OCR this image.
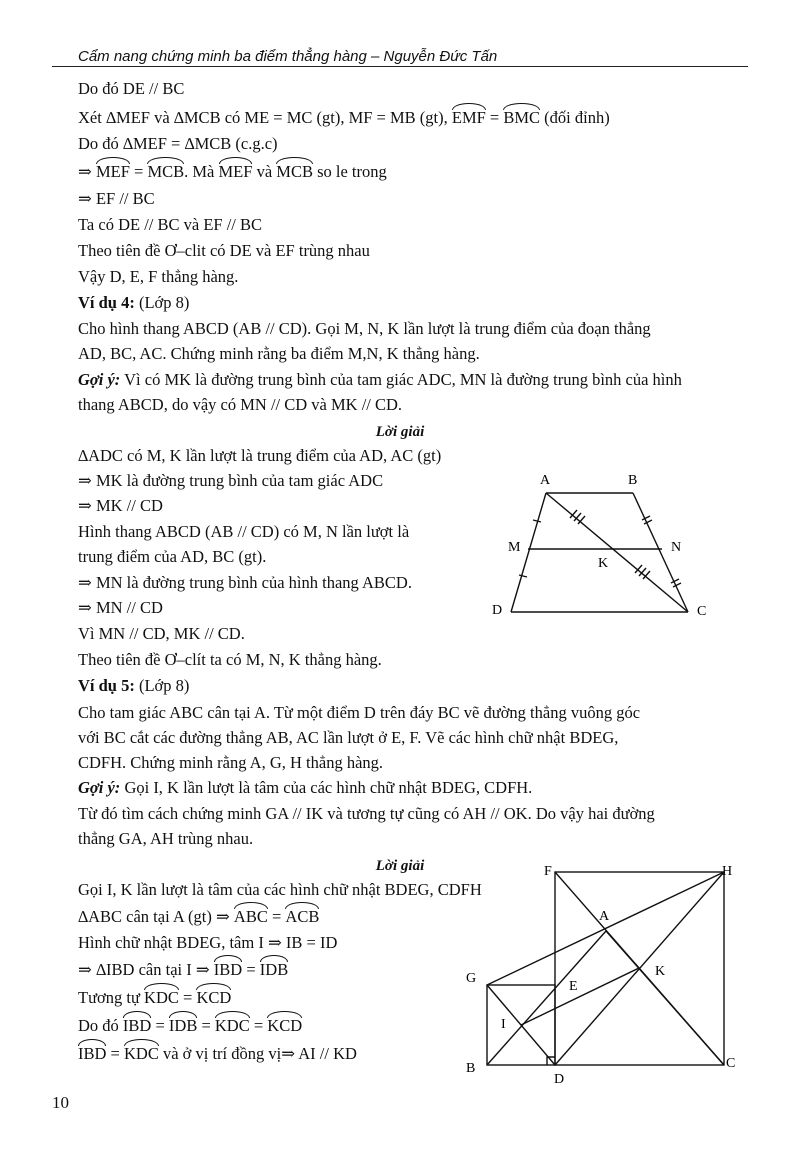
Cẩm nang chứng minh ba điểm thẳng hàng – Nguyễn Đức Tấn
Do đó DE // BC
Xét ∆MEF và ∆MCB có ME = MC (gt), MF = MB (gt), EMF = BMC (đối đỉnh)
Do đó ∆MEF = ∆MCB (c.g.c)
⇒ MEF = MCB. Mà MEF và MCB so le trong
⇒ EF // BC
Ta có DE // BC và EF // BC
Theo tiên đề Ơ–clit có DE và EF trùng nhau
Vậy D, E, F thẳng hàng.
Ví dụ 4: (Lớp 8)
Cho hình thang ABCD (AB // CD). Gọi M, N, K lần lượt là trung điểm của đoạn thẳng
AD, BC, AC. Chứng minh rằng ba điểm M,N, K thẳng hàng.
Gợi ý: Vì có MK là đường trung bình của tam giác ADC, MN là đường trung bình của hình
thang ABCD, do vậy có MN // CD và MK // CD.
Lời giải
∆ADC có M, K lần lượt là trung điểm của AD, AC (gt)
⇒ MK là đường trung bình của tam giác ADC
⇒ MK // CD
Hình thang ABCD (AB // CD) có M, N lần lượt là
trung điểm của AD, BC (gt).
⇒ MN là đường trung bình của hình thang ABCD.
⇒ MN // CD
Vì MN // CD, MK // CD.
Theo tiên đề Ơ–clít ta có M, N, K thẳng hàng.
A	B
M	N
K
D	C
Ví dụ 5: (Lớp 8)
Cho tam giác ABC cân tại A. Từ một điểm D trên đáy BC vẽ đường thẳng vuông góc
với BC cắt các đường thẳng AB, AC lần lượt ở E, F. Vẽ các hình chữ nhật BDEG,
CDFH. Chứng minh rằng A, G, H thẳng hàng.
Gợi ý: Gọi I, K lần lượt là tâm của các hình chữ nhật BDEG, CDFH.
Từ đó tìm cách chứng minh GA // IK và tương tự cũng có AH // OK. Do vậy hai đường
thẳng GA, AH trùng nhau.
Lời giải
Gọi I, K lần lượt là tâm của các hình chữ nhật BDEG, CDFH
∆ABC cân tại A (gt) ⇒ ABC = ACB
Hình chữ nhật BDEG, tâm I ⇒ IB = ID
⇒ ∆IBD cân tại I ⇒ IBD = IDB
Tương tự KDC = KCD
Do đó IBD = IDB = KDC = KCD
IBD = KDC và ở vị trí đồng vị⇒ AI // KD
F	H
A
G	K
E
I
B
D
C
10
